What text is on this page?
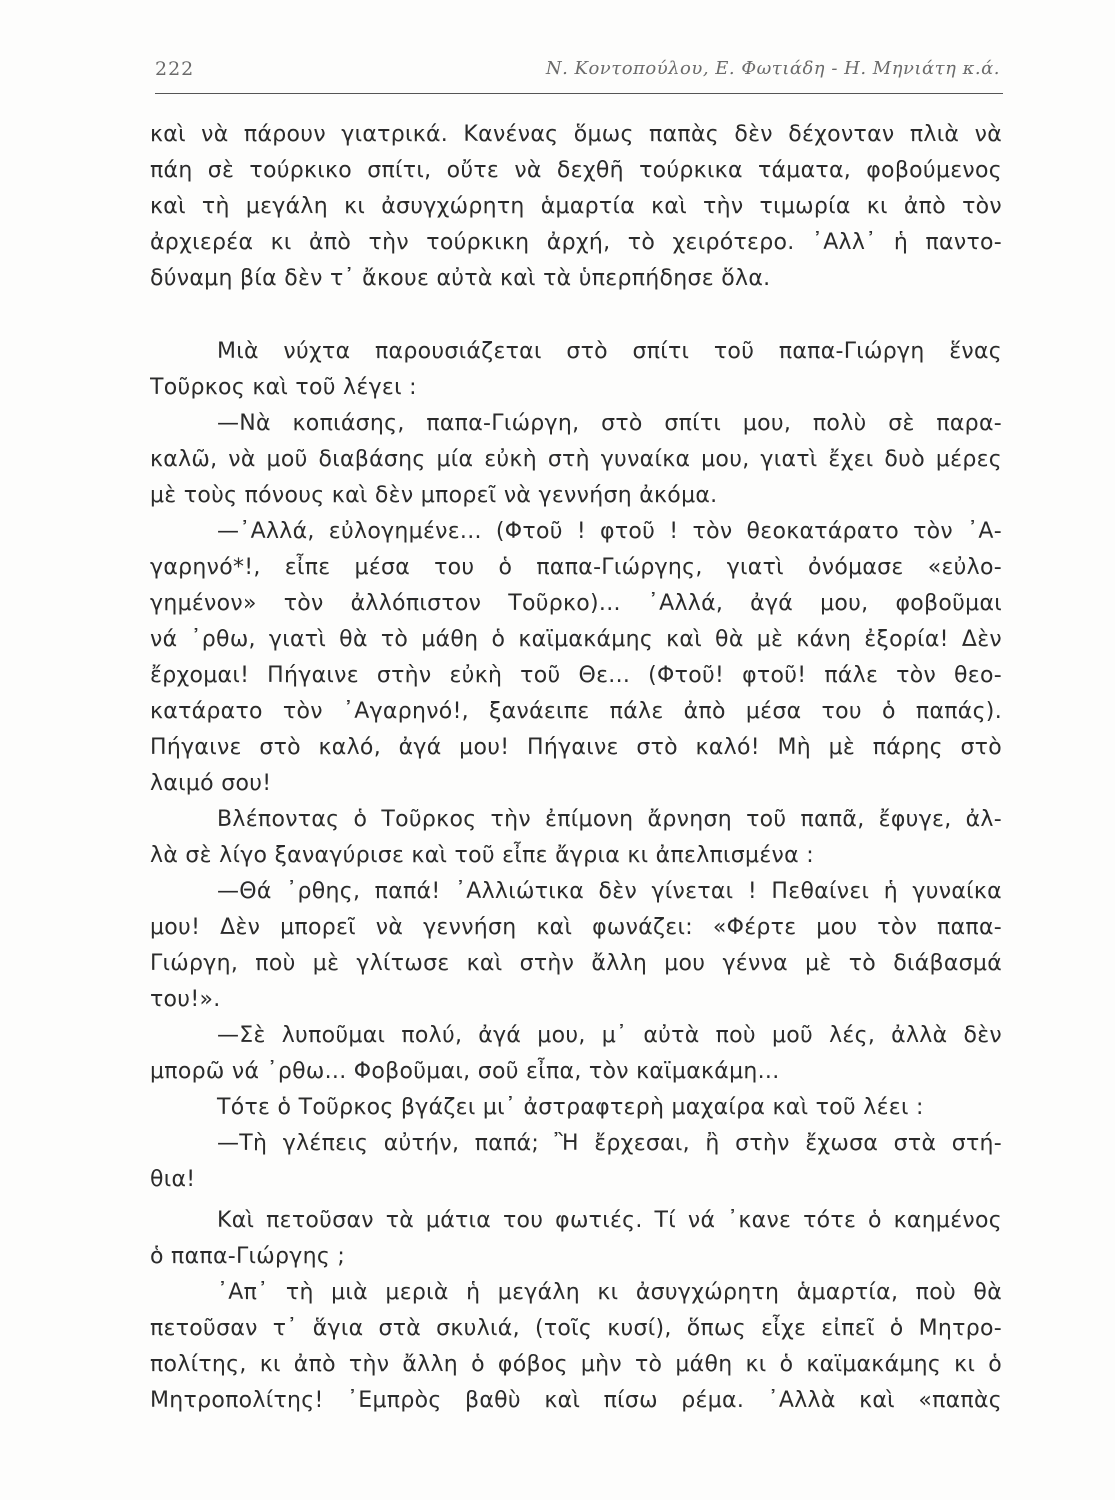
222	Ν. Κοντοπούλου, Ε. Φωτιάδη - Η. Μηνιάτη κ.ά.
καὶ νὰ πάρουν γιατρικά. Κανένας ὅμως παπὰς δὲν δέχονταν πλιὰ νὰ
πάη σὲ τούρκικο σπίτι, οὔτε νὰ δεχθῆ τούρκικα τάματα, φοβούμενος
καὶ τὴ μεγάλη κι ἀσυγχώρητη ἁμαρτία καὶ τὴν τιμωρία κι ἀπὸ τὸν
ἀρχιερέα κι ἀπὸ τὴν τούρκικη ἀρχή, τὸ χειρότερο. ᾽Αλλ᾽ ἡ παντο-
δύναμη βία δὲν τ᾽ ἄκουε αὐτὰ καὶ τὰ ὑπερπήδησε ὅλα.
Μιὰ νύχτα παρουσιάζεται στὸ σπίτι τοῦ παπα-Γιώργη ἕνας
Τοῦρκος καὶ τοῦ λέγει :
—Νὰ κοπιάσης, παπα-Γιώργη, στὸ σπίτι μου, πολὺ σὲ παρα-
καλῶ, νὰ μοῦ διαβάσης μία εὐκὴ στὴ γυναίκα μου, γιατὶ ἔχει δυὸ μέρες
μὲ τοὺς πόνους καὶ δὲν μπορεῖ νὰ γεννήση ἀκόμα.
—᾽Αλλά, εὐλογημένε... (Φτοῦ ! φτοῦ ! τὸν θεοκατάρατο τὸν ᾽Α-
γαρηνό*!, εἶπε μέσα του ὁ παπα-Γιώργης, γιατὶ ὀνόμασε «εὐλο-
γημένον» τὸν ἀλλόπιστον Τοῦρκο)... ᾽Αλλά, ἀγά μου, φοβοῦμαι
νά ᾽ρθω, γιατὶ θὰ τὸ μάθη ὁ καϊμακάμης καὶ θὰ μὲ κάνη ἐξορία! Δὲν
ἔρχομαι! Πήγαινε στὴν εὐκὴ τοῦ Θε... (Φτοῦ! φτοῦ! πάλε τὸν θεο-
κατάρατο τὸν ᾽Αγαρηνό!, ξανάειπε πάλε ἀπὸ μέσα του ὁ παπάς).
Πήγαινε στὸ καλό, ἀγά μου! Πήγαινε στὸ καλό! Μὴ μὲ πάρης στὸ
λαιμό σου!
Βλέποντας ὁ Τοῦρκος τὴν ἐπίμονη ἄρνηση τοῦ παπᾶ, ἔφυγε, ἀλ-
λὰ σὲ λίγο ξαναγύρισε καὶ τοῦ εἶπε ἄγρια κι ἀπελπισμένα :
—Θά ᾽ρθης, παπά! ᾽Αλλιώτικα δὲν γίνεται ! Πεθαίνει ἡ γυναίκα
μου! Δὲν μπορεῖ νὰ γεννήση καὶ φωνάζει: «Φέρτε μου τὸν παπα-
Γιώργη, ποὺ μὲ γλίτωσε καὶ στὴν ἄλλη μου γέννα μὲ τὸ διάβασμά
του!».
—Σὲ λυποῦμαι πολύ, ἀγά μου, μ᾽ αὐτὰ ποὺ μοῦ λές, ἀλλὰ δὲν
μπορῶ νά ᾽ρθω... Φοβοῦμαι, σοῦ εἶπα, τὸν καϊμακάμη...
Τότε ὁ Τοῦρκος βγάζει μι᾽ ἀστραφτερὴ μαχαίρα καὶ τοῦ λέει :
—Τὴ γλέπεις αὐτήν, παπά; Ἢ ἔρχεσαι, ἢ στὴν ἔχωσα στὰ στή-
θια!
Καὶ πετοῦσαν τὰ μάτια του φωτιές. Τί νά ᾽κανε τότε ὁ καημένος
ὁ παπα-Γιώργης ;
᾽Απ᾽ τὴ μιὰ μεριὰ ἡ μεγάλη κι ἀσυγχώρητη ἁμαρτία, ποὺ θὰ
πετοῦσαν τ᾽ ἅγια στὰ σκυλιά, (τοῖς κυσί), ὅπως εἶχε εἰπεῖ ὁ Μητρο-
πολίτης, κι ἀπὸ τὴν ἄλλη ὁ φόβος μὴν τὸ μάθη κι ὁ καϊμακάμης κι ὁ
Μητροπολίτης! ᾽Εμπρὸς βαθὺ καὶ πίσω ρέμα. ᾽Αλλὰ καὶ «παπὰς
